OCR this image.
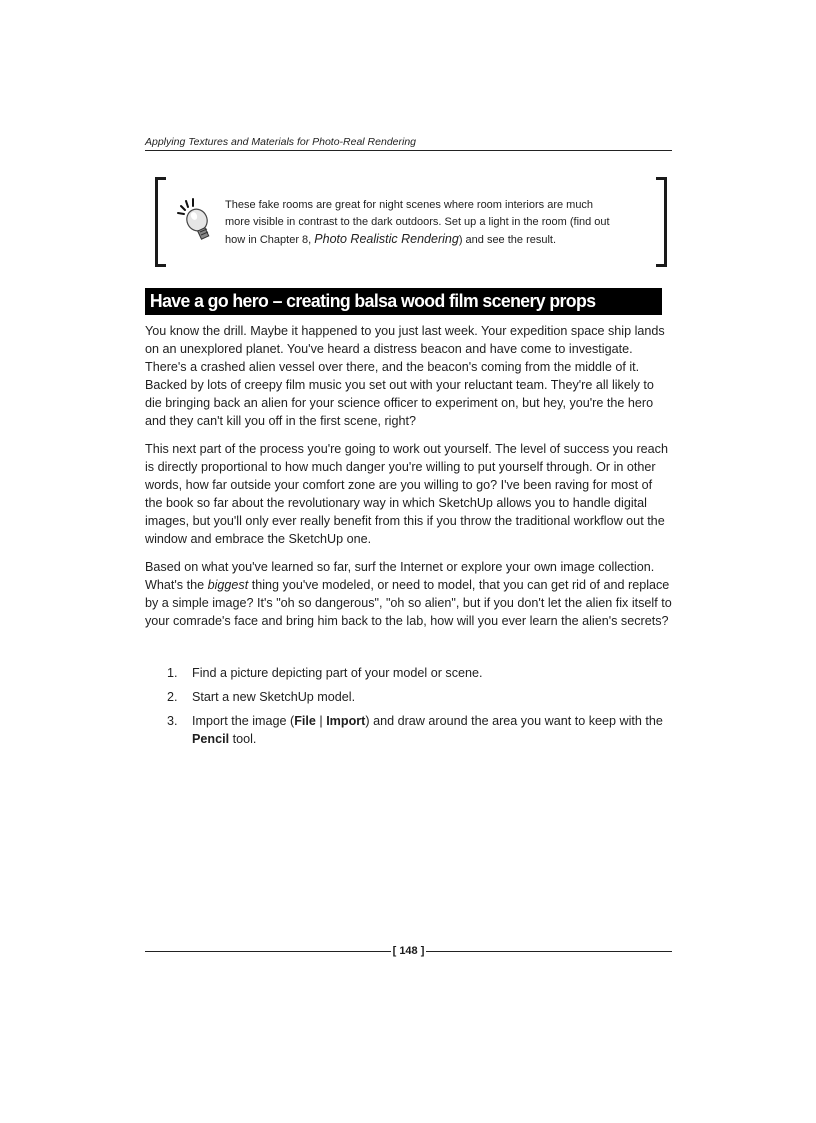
Applying Textures and Materials for Photo-Real Rendering
These fake rooms are great for night scenes where room interiors are much
more visible in contrast to the dark outdoors. Set up a light in the room (find out
how in Chapter 8, Photo Realistic Rendering) and see the result.
Have a go hero – creating balsa wood film scenery props

You know the drill. Maybe it happened to you just last week. Your expedition space ship lands on an unexplored planet. You've heard a distress beacon and have come to investigate. There's a crashed alien vessel over there, and the beacon's coming from the middle of it. Backed by lots of creepy film music you set out with your reluctant team. They're all likely to die bringing back an alien for your science officer to experiment on, but hey, you're the hero and they can't kill you off in the first scene, right?

This next part of the process you're going to work out yourself. The level of success you reach is directly proportional to how much danger you're willing to put yourself through. Or in other words, how far outside your comfort zone are you willing to go? I've been raving for most of the book so far about the revolutionary way in which SketchUp allows you to handle digital images, but you'll only ever really benefit from this if you throw the traditional workflow out the window and embrace the SketchUp one.

Based on what you've learned so far, surf the Internet or explore your own image collection. What's the biggest thing you've modeled, or need to model, that you can get rid of and replace by a simple image? It's "oh so dangerous", "oh so alien", but if you don't let the alien fix itself to your comrade's face and bring him back to the lab, how will you ever learn the alien's secrets?

1. Find a picture depicting part of your model or scene.
2. Start a new SketchUp model.
3. Import the image (File | Import) and draw around the area you want to keep with the Pencil tool.
[ 148 ]
